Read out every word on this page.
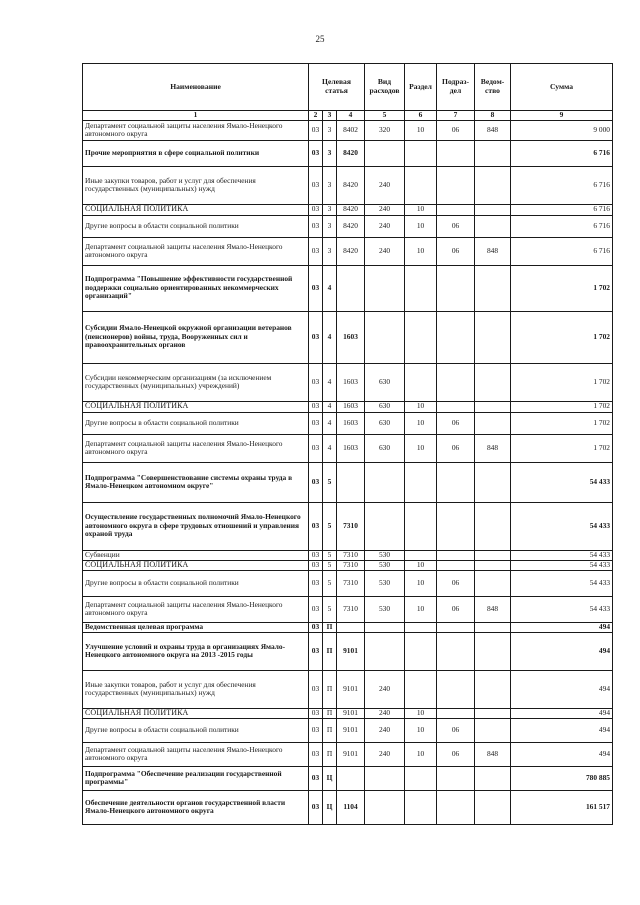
25
Наименование	Целевая статья			Вид расходов	Раздел	Подраз-дел	Ведом-ство	Сумма
1	2	3	4	5	6	7	8	9
Департамент социальной защиты населения Ямало-Ненецкого автономного округа	03	3	8402	320	10	06	848	9 000
Прочие мероприятия в сфере социальной политики	03	3	8420					6 716
Иные закупки товаров, работ и услуг для обеспечения государственных (муниципальных) нужд	03	3	8420	240				6 716
СОЦИАЛЬНАЯ ПОЛИТИКА	03	3	8420	240	10			6 716
Другие вопросы в области социальной политики	03	3	8420	240	10	06		6 716
Департамент социальной защиты населения Ямало-Ненецкого автономного округа	03	3	8420	240	10	06	848	6 716
Подпрограмма "Повышение эффективности государственной поддержки социально ориентированных некоммерческих организаций"	03	4						1 702
Субсидии Ямало-Ненецкой окружной организации ветеранов (пенсионеров) войны, труда, Вооруженных сил и правоохранительных органов	03	4	1603					1 702
Субсидии некоммерческим организациям (за исключением государственных (муниципальных) учреждений)	03	4	1603	630				1 702
СОЦИАЛЬНАЯ ПОЛИТИКА	03	4	1603	630	10			1 702
Другие вопросы в области социальной политики	03	4	1603	630	10	06		1 702
Департамент социальной защиты населения Ямало-Ненецкого автономного округа	03	4	1603	630	10	06	848	1 702
Подпрограмма "Совершенствование системы охраны труда в Ямало-Ненецком автономном округе"	03	5						54 433
Осуществление государственных полномочий Ямало-Ненецкого автономного округа в сфере трудовых отношений и управления охраной труда	03	5	7310					54 433
Субвенции	03	5	7310	530				54 433
СОЦИАЛЬНАЯ ПОЛИТИКА	03	5	7310	530	10			54 433
Другие вопросы в области социальной политики	03	5	7310	530	10	06		54 433
Департамент социальной защиты населения Ямало-Ненецкого автономного округа	03	5	7310	530	10	06	848	54 433
Ведомственная целевая программа	03	П						494
Улучшение условий и охраны труда в организациях Ямало-Ненецкого автономного округа на 2013 -2015 годы	03	П	9101					494
Иные закупки товаров, работ и услуг для обеспечения государственных (муниципальных) нужд	03	П	9101	240				494
СОЦИАЛЬНАЯ ПОЛИТИКА	03	П	9101	240	10			494
Другие вопросы в области социальной политики	03	П	9101	240	10	06		494
Департамент социальной защиты населения Ямало-Ненецкого автономного округа	03	П	9101	240	10	06	848	494
Подпрограмма "Обеспечение реализации государственной программы"	03	Ц						780 885
Обеспечение деятельности органов государственной власти Ямало-Ненецкого автономного округа	03	Ц	1104					161 517
